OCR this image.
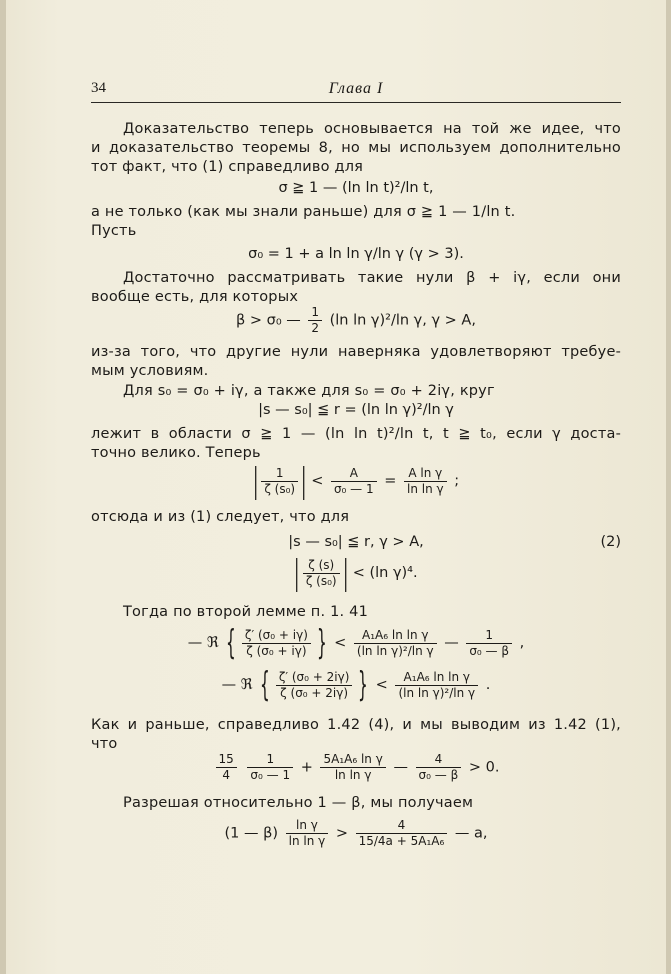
34	Глава I
Доказательство теперь основывается на той же идее, что
и доказательство теоремы 8, но мы используем дополнительно
тот факт, что (1) справедливо для
σ ≧ 1 — (ln ln t)²/ln t,
а не только (как мы знали раньше) для σ ≧ 1 — 1/ln t.
Пусть
σ₀ = 1 + a ln ln γ/ln γ (γ > 3).
Достаточно рассматривать такие нули β + iγ, если они
вообще есть, для которых
β > σ₀ — $\frac{1}{2} (\ln$ ln γ)²/ln γ, γ > A,
из-за того, что другие нули наверняка удовлетворяют требуе-
мым условиям.
Для s₀ = σ₀ + iγ, а также для s₀ = σ₀ + 2iγ, круг
|s — s₀| ≦ r = (ln ln γ)²/ln γ
лежит в области σ ≧ 1 — (ln ln t)²/ln t, t ≧ t₀, если γ доста-
точно велико. Теперь
| $\frac{1}{\text{ζ (s₀)}}$ | < $\frac{A}{\text{σ₀ — 1}} = \frac{\text{A ln γ}}{\text{ln ln γ}}$ ;
отсюда и из (1) следует, что для
|s — s₀| ≦ r, γ > A,	(2)
| $\frac{\zeta (s)}{\text{ζ (s₀)}}$ | < (ln γ)⁴.
Тогда по второй лемме п. 1. 41
— ℜ { $\frac{\text{ζ′ (σ₀ + iγ)}}{\text{ζ (σ₀ + iγ)}}$ } < $\frac{\text{A₁A₆ ln ln γ}}{\text{(ln ln γ)²/ln γ}}$ — $\frac{1}{\text{σ₀ — β}}$ ,
— ℜ { $\frac{\text{ζ′ (σ₀ + 2iγ)}}{\text{ζ (σ₀ + 2iγ)}}$ } < $\frac{\text{A₁A₆ ln ln γ}}{\text{(ln ln γ)²/ln γ}}$ .
Как и раньше, справедливо 1.42 (4), и мы выводим из 1.42 (1),
что
$\frac{15}{4}$
$\frac{1}{\text{σ₀ — 1}} + \frac{\text{5A₁A₆ ln γ}}{\text{ln ln γ}}$ — $\frac{4}{\text{σ₀ — β}} > 0$.
Разрешая относительно 1 — β, мы получаем
(1 — $\beta) \frac{\text{ln γ}}{\text{ln ln γ}} > \frac{4}{\text{15/4a + 5A₁A₆}}$ — a,
